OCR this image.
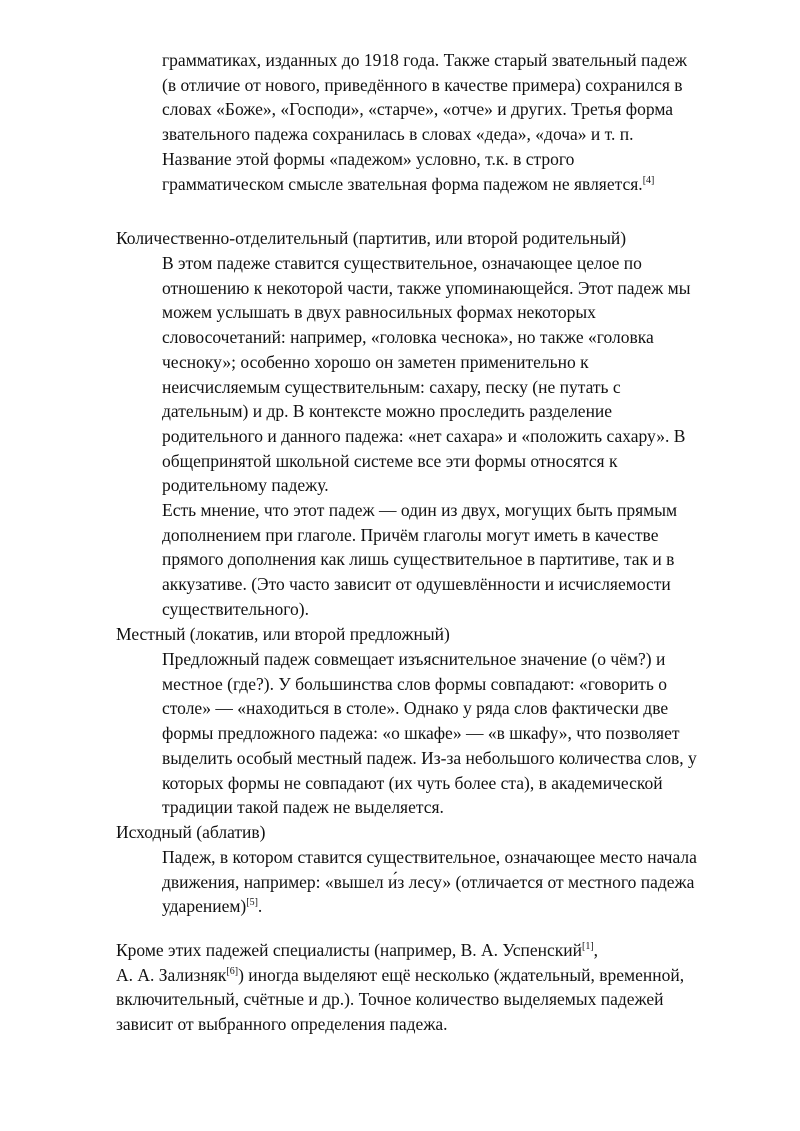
грамматиках, изданных до 1918 года. Также старый звательный падеж
(в отличие от нового, приведённого в качестве примера) сохранился в
словах «Боже», «Господи», «старче», «отче» и других. Третья форма
звательного падежа сохранилась в словах «деда», «доча» и т. п.
Название этой формы «падежом» условно, т.к. в строго
грамматическом смысле звательная форма падежом не является.[4]
Количественно-отделительный (партитив, или второй родительный)
В этом падеже ставится существительное, означающее целое по
отношению к некоторой части, также упоминающейся. Этот падеж мы
можем услышать в двух равносильных формах некоторых
словосочетаний: например, «головка чеснока», но также «головка
чесноку»; особенно хорошо он заметен применительно к
неисчисляемым существительным: сахару, песку (не путать с
дательным) и др. В контексте можно проследить разделение
родительного и данного падежа: «нет сахара» и «положить сахару». В
общепринятой школьной системе все эти формы относятся к
родительному падежу.
Есть мнение, что этот падеж — один из двух, могущих быть прямым
дополнением при глаголе. Причём глаголы могут иметь в качестве
прямого дополнения как лишь существительное в партитиве, так и в
аккузативе. (Это часто зависит от одушевлённости и исчисляемости
существительного).
Местный (локатив, или второй предложный)
Предложный падеж совмещает изъяснительное значение (о чём?) и
местное (где?). У большинства слов формы совпадают: «говорить о
столе» — «находиться в столе». Однако у ряда слов фактически две
формы предложного падежа: «о шкафе» — «в шкафу», что позволяет
выделить особый местный падеж. Из-за небольшого количества слов, у
которых формы не совпадают (их чуть более ста), в академической
традиции такой падеж не выделяется.
Исходный (аблатив)
Падеж, в котором ставится существительное, означающее место начала
движения, например: «вышел и́з лесу» (отличается от местного падежа
ударением)[5].
Кроме этих падежей специалисты (например, В. А. Успенский[1],
А. А. Зализняк[6]) иногда выделяют ещё несколько (ждательный, временной,
включительный, счётные и др.). Точное количество выделяемых падежей
зависит от выбранного определения падежа.
